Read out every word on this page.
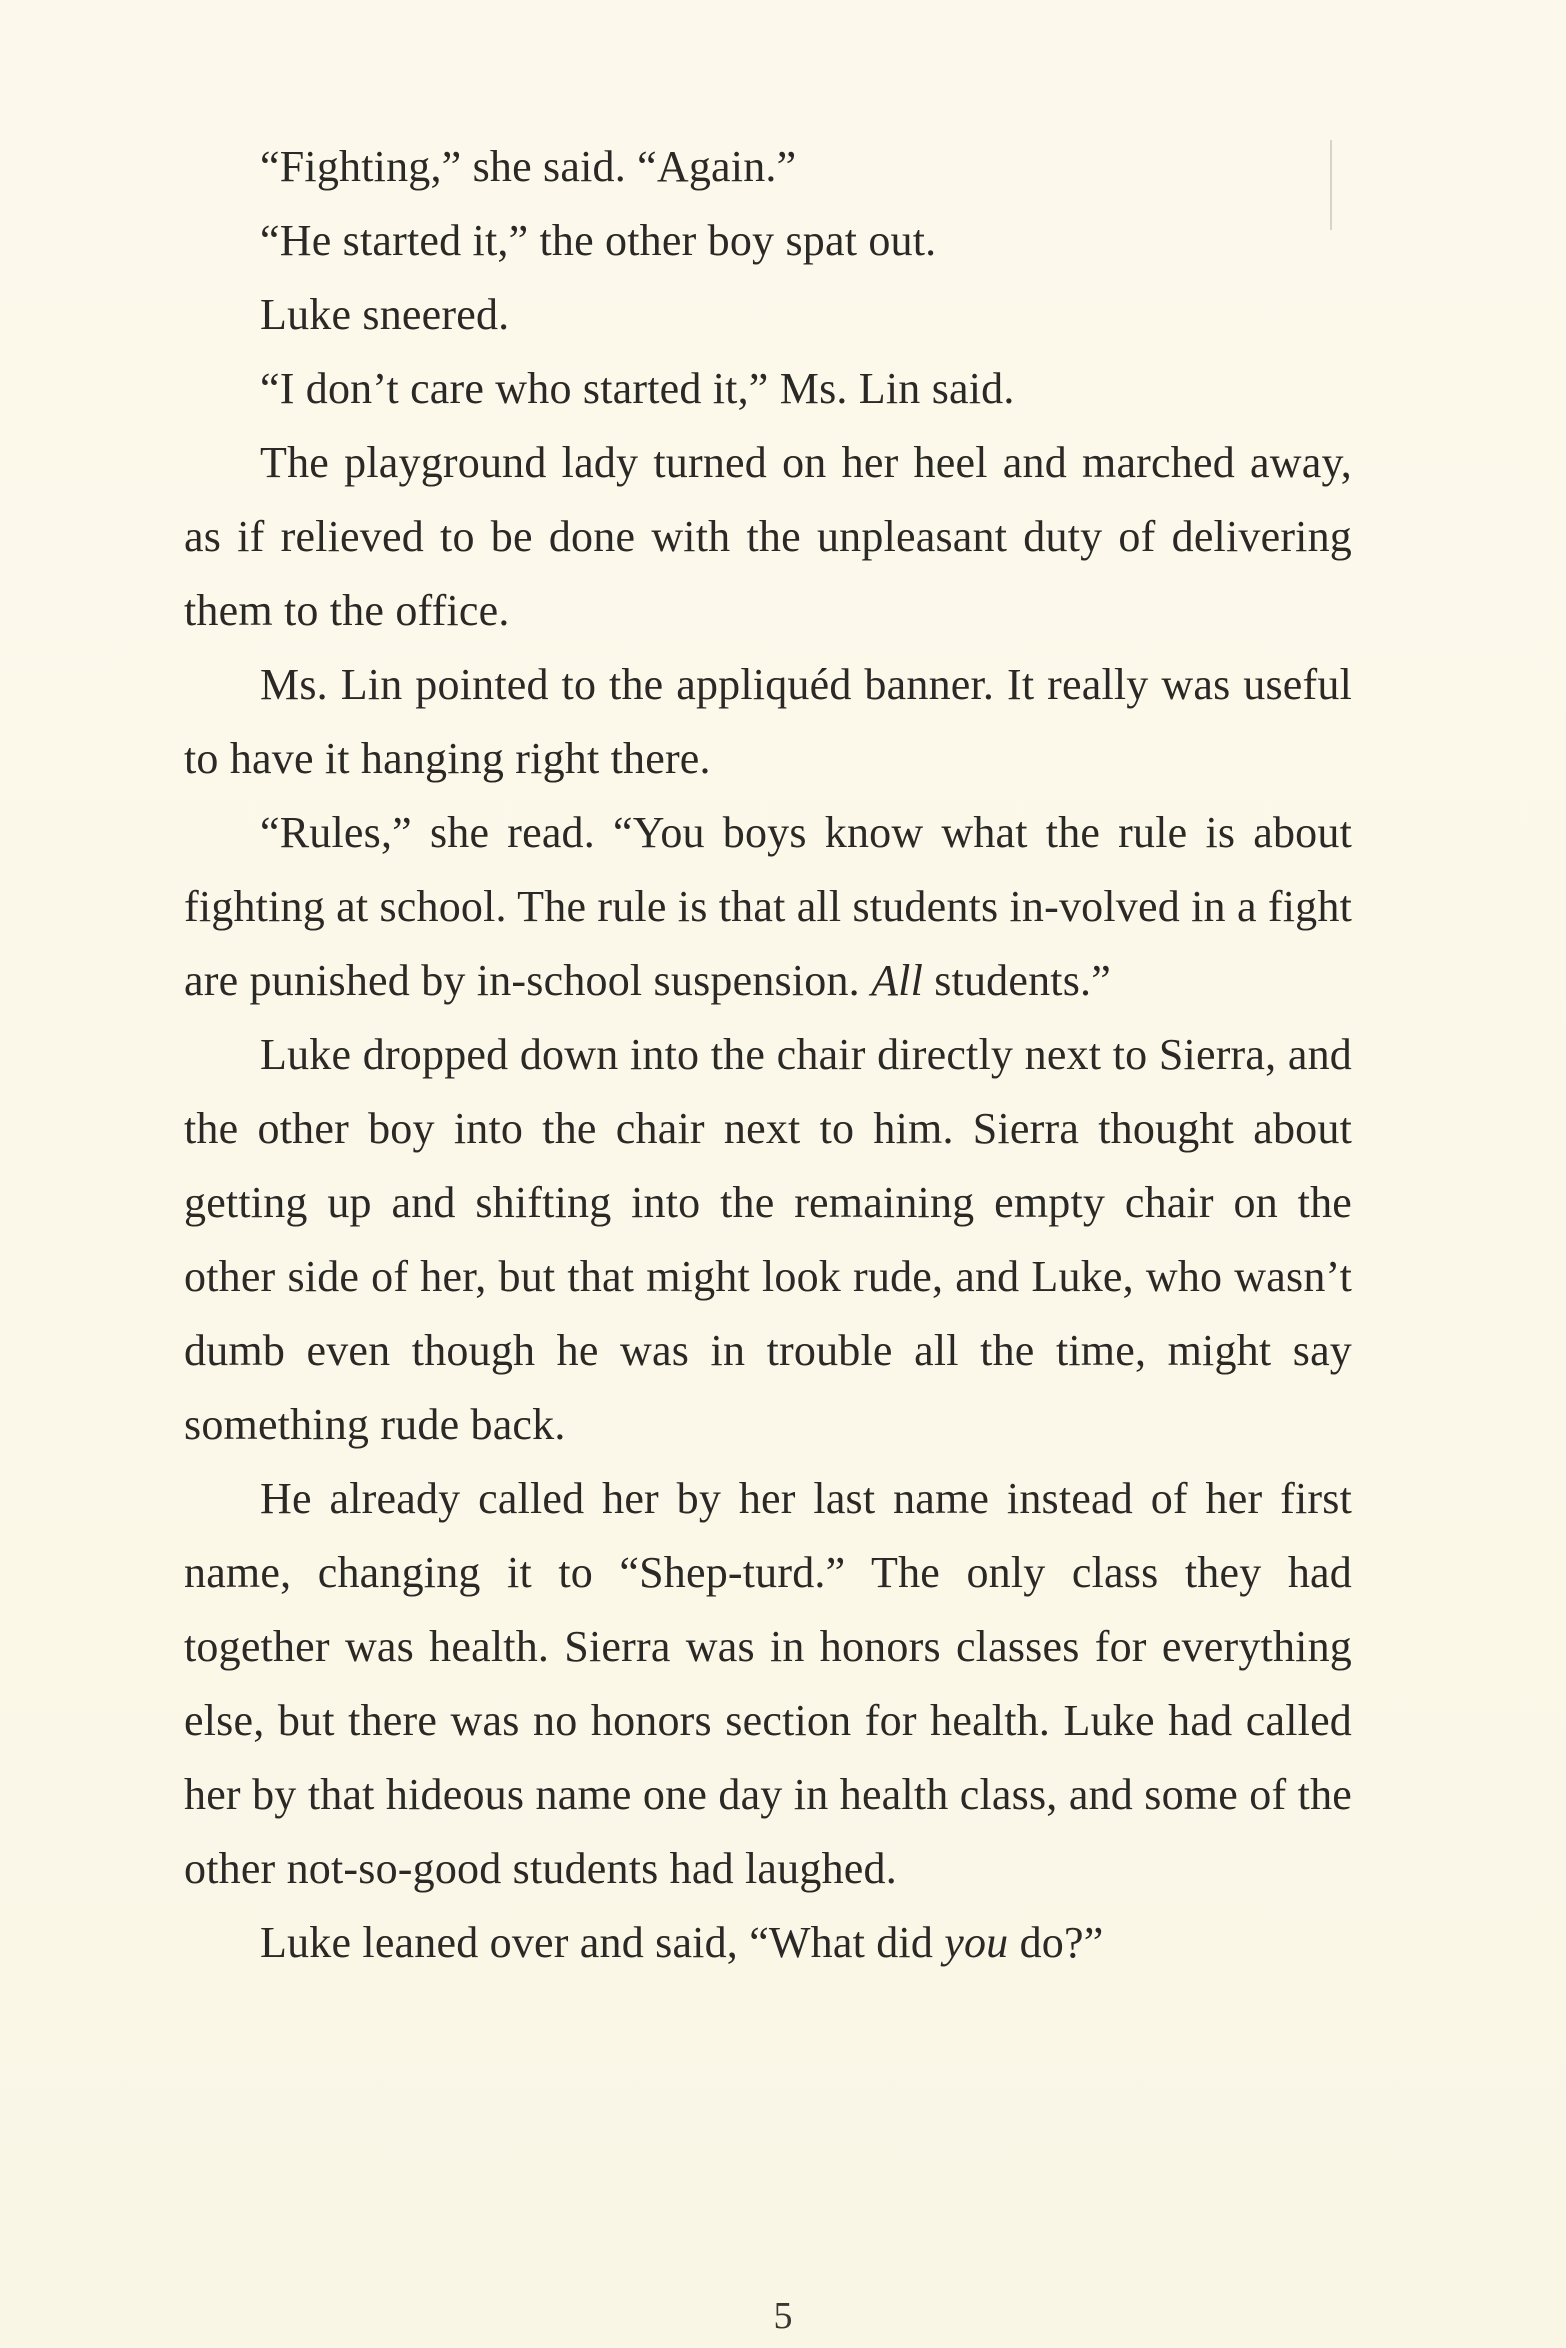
“Fighting,” she said. “Again.”

“He started it,” the other boy spat out.

Luke sneered.

“I don’t care who started it,” Ms. Lin said.

The playground lady turned on her heel and marched away, as if relieved to be done with the unpleasant duty of delivering them to the office.

Ms. Lin pointed to the appliquéd banner. It really was useful to have it hanging right there.

“Rules,” she read. “You boys know what the rule is about fighting at school. The rule is that all students in-volved in a fight are punished by in-school suspension. All students.”

Luke dropped down into the chair directly next to Sierra, and the other boy into the chair next to him. Sierra thought about getting up and shifting into the remaining empty chair on the other side of her, but that might look rude, and Luke, who wasn’t dumb even though he was in trouble all the time, might say something rude back.

He already called her by her last name instead of her first name, changing it to “Shep-turd.” The only class they had together was health. Sierra was in honors classes for everything else, but there was no honors section for health. Luke had called her by that hideous name one day in health class, and some of the other not-so-good students had laughed.

Luke leaned over and said, “What did you do?”

5
